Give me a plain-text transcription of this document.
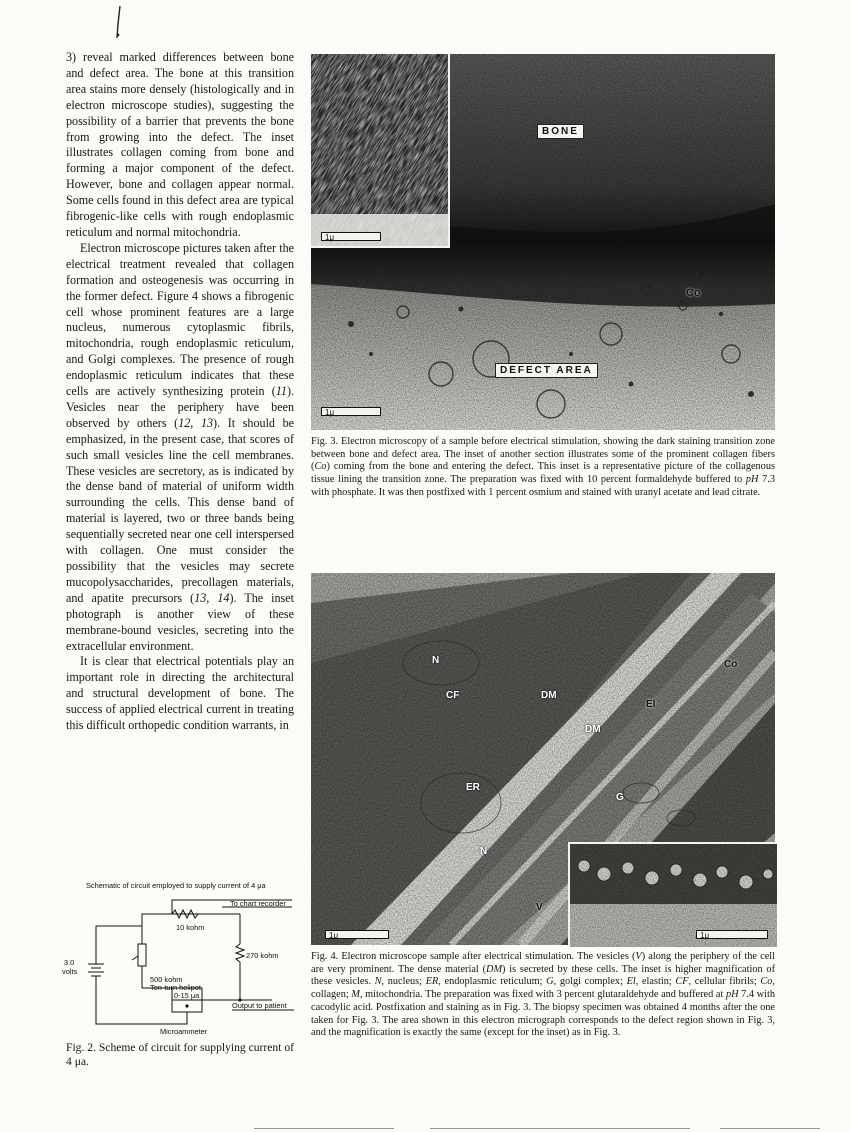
3) reveal marked differences between bone and defect area. The bone at this transition area stains more densely (histologically and in electron microscope studies), suggesting the possibility of a barrier that prevents the bone from growing into the defect. The inset illustrates collagen coming from bone and forming a major component of the defect. However, bone and collagen appear normal. Some cells found in this defect area are typical fibrogenic-like cells with rough endoplasmic reticulum and normal mitochondria.

Electron microscope pictures taken after the electrical treatment revealed that collagen formation and osteogenesis was occurring in the former defect. Figure 4 shows a fibrogenic cell whose prominent features are a large nucleus, numerous cytoplasmic fibrils, mitochondria, rough endoplasmic reticulum, and Golgi complexes. The presence of rough endoplasmic reticulum indicates that these cells are actively synthesizing protein (11). Vesicles near the periphery have been observed by others (12, 13). It should be emphasized, in the present case, that scores of such small vesicles line the cell membranes. These vesicles are secretory, as is indicated by the dense band of material of uniform width surrounding the cells. This dense band of material is layered, two or three bands being sequentially secreted near one cell interspersed with collagen. One must consider the possibility that the vesicles may secrete mucopolysaccharides, precollagen materials, and apatite precursors (13, 14). The inset photograph is another view of these membrane-bound vesicles, secreting into the extracellular environment.

It is clear that electrical potentials play an important role in directing the architectural and structural development of bone. The success of applied electrical current in treating this difficult orthopedic condition warrants, in

1μ
1μ
BONE
Co
DEFECT AREA
Fig. 3. Electron microscopy of a sample before electrical stimulation, showing the dark staining transition zone between bone and defect area. The inset of another section illustrates some of the prominent collagen fibers (Co) coming from the bone and entering the defect. This inset is a representative picture of the collagenous tissue lining the transition zone. The preparation was fixed with 10 percent formaldehyde buffered to pH 7.3 with phosphate. It was then postfixed with 1 percent osmium and stained with uranyl acetate and lead citrate.
1μ
1μ
N
CF	DM
DM
El
Co
ER
G
N
V
Fig. 4. Electron microscope sample after electrical stimulation. The vesicles (V) along the periphery of the cell are very prominent. The dense material (DM) is secreted by these cells. The inset is higher magnification of these vesicles. N, nucleus; ER, endoplasmic reticulum; G, golgi complex; El, elastin; CF, cellular fibrils; Co, collagen; M, mitochondria. The preparation was fixed with 3 percent glutaraldehyde and buffered at pH 7.4 with cacodylic acid. Postfixation and staining as in Fig. 3. The biopsy specimen was obtained 4 months after the one taken for Fig. 3. The area shown in this electron micrograph corresponds to the defect region shown in Fig. 3, and the magnification is exactly the same (except for the inset) as in Fig. 3.
Schematic of circuit employed to supply current of 4 μa
To chart recorder
10 kohm
270 kohm
3.0
volts
500 kohm
Ten-turn helipot
0-15 μa
Output to patient
Microammeter
Fig. 2. Scheme of circuit for supplying current of 4 μa.
